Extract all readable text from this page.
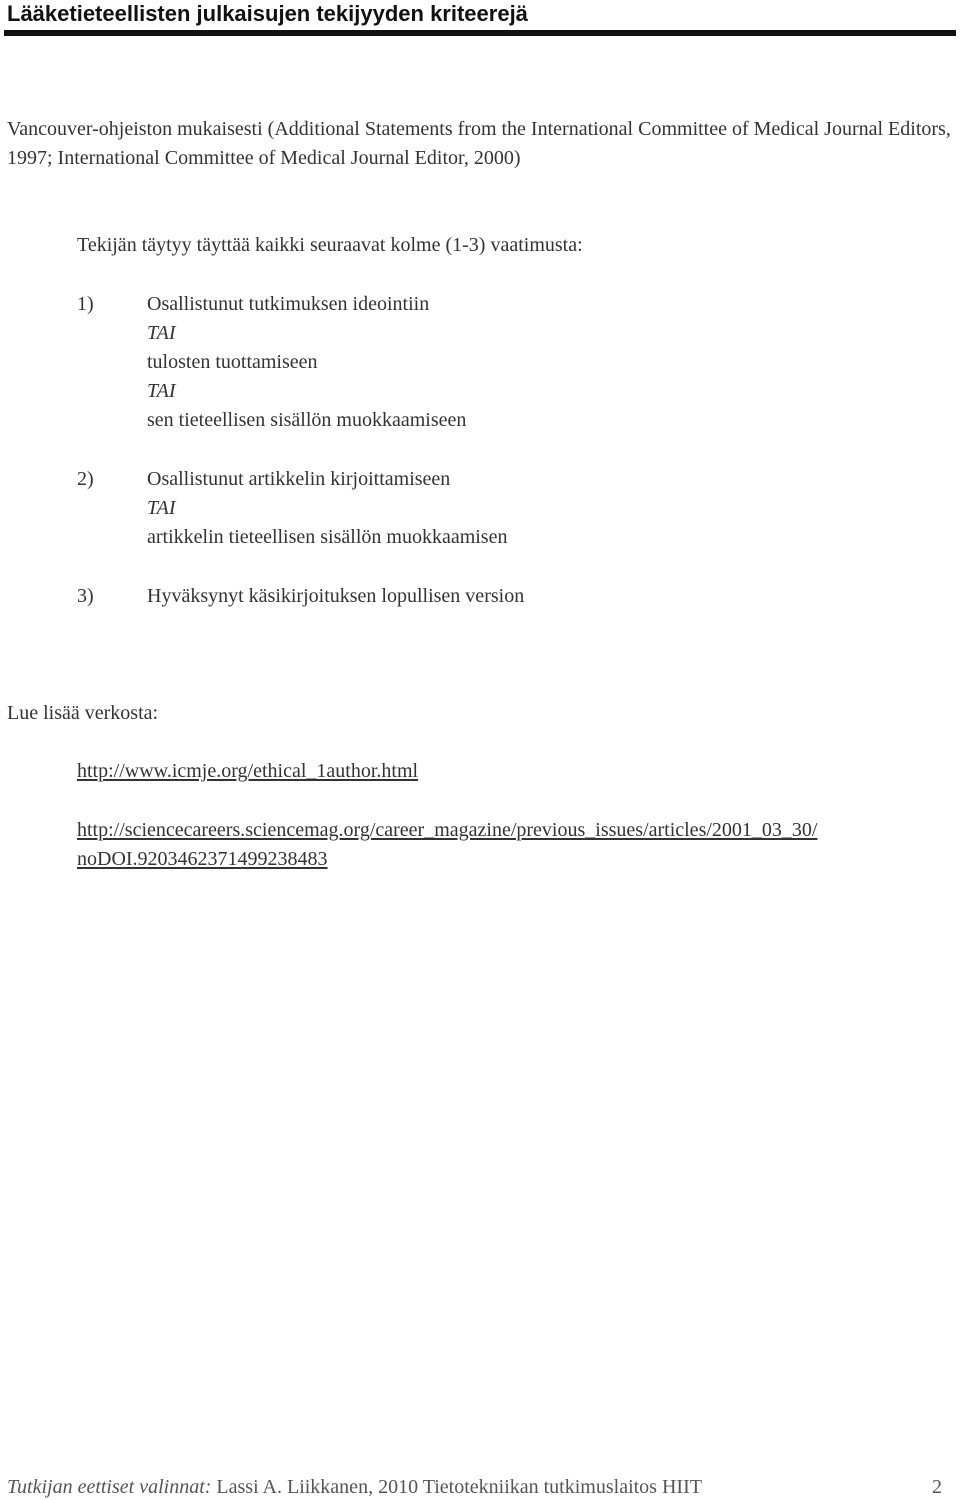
Lääketieteellisten julkaisujen tekijyyden kriteerejä
Vancouver-ohjeiston mukaisesti (Additional Statements from the International Committee of Medical Journal Editors, 1997; International Committee of Medical Journal Editor, 2000)
Tekijän täytyy täyttää kaikki seuraavat kolme (1-3) vaatimusta:
1)	Osallistunut tutkimuksen ideointiin
TAI
tulosten tuottamiseen
TAI
sen tieteellisen sisällön muokkaamiseen
2)	Osallistunut artikkelin kirjoittamiseen
TAI
artikkelin tieteellisen sisällön muokkaamisen
3)	Hyväksynyt käsikirjoituksen lopullisen version
Lue lisää verkosta:
http://www.icmje.org/ethical_1author.html
http://sciencecareers.sciencemag.org/career_magazine/previous_issues/articles/2001_03_30/
noDOI.9203462371499238483
Tutkijan eettiset valinnat: Lassi A. Liikkanen, 2010 Tietotekniikan tutkimuslaitos HIIT	2
